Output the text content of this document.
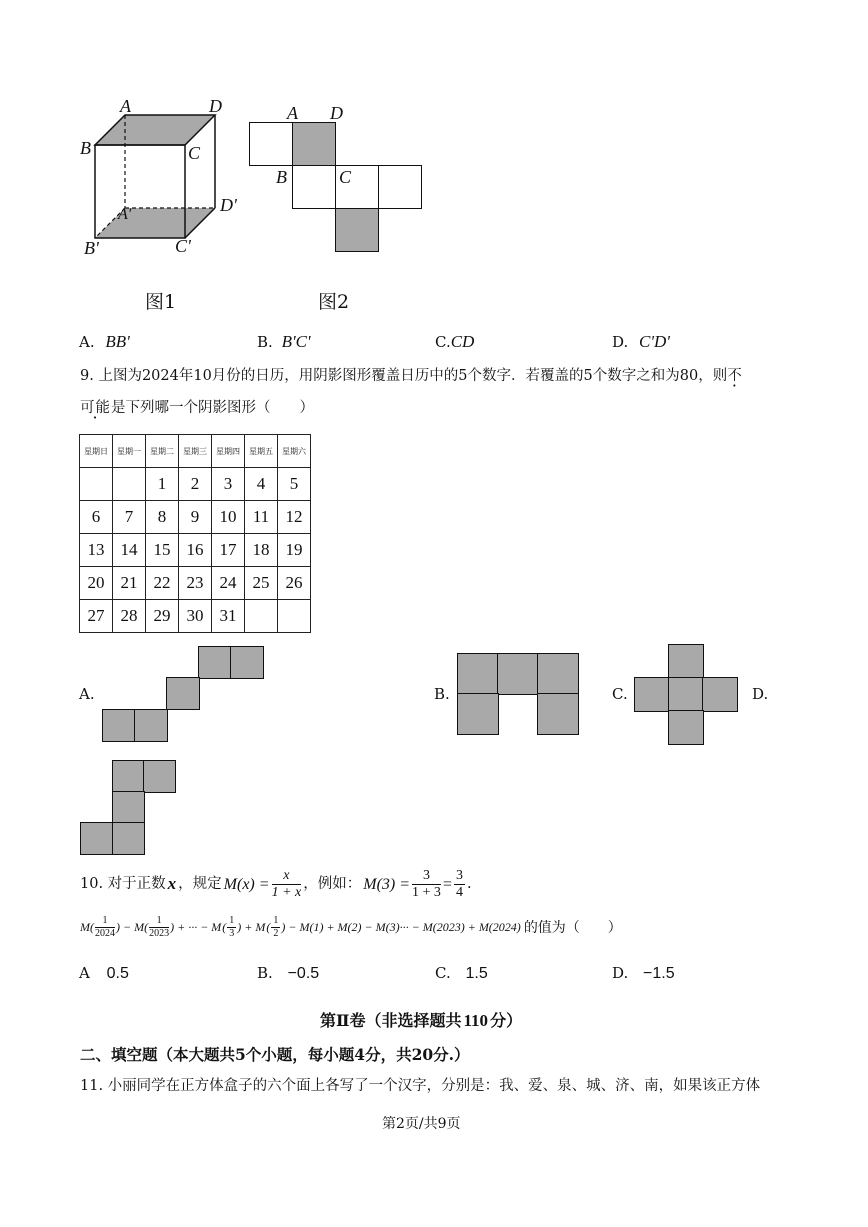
A	D
B	C
A'	D'
B'	C'
A D
B	C
图1	图2
A. BB'	B. B'C'	C.CD	D. C'D'
9. 上图为2024年10月份的日历，用阴影图形覆盖日历中的5个数字．若覆盖的5个数字之和为80，则不
可能是下列哪一个阴影图形（　　）
星期日	星期一	星期二	星期三	星期四	星期五	星期六
		1	2	3	4	5
6	7	8	9	10	11	12
13	14	15	16	17	18	19
20	21	22	23	24	25	26
27	28	29	30	31		
A.	B.	C.	D.
10. 对于正数 x ，规定 $M(x) = \frac{x}{1 + x}$ ，例如： $M(3) = \frac{3}{1 + 3} = \frac{3}{4}$ .
$M( \frac{1}{2024}$ ) − $M( \frac{1}{2023}$ ) + ··· − M ( $\frac{1}{3}$ ) + M ( $\frac{1}{2}$ ) − M(1) + M(2) − M(3)··· − M(2023) + M(2024) 的值为（　　）
A 0.5	B. −0.5	C. 1.5	D. −1.5
第Ⅱ卷（非选择题共 110 分）
二、填空题（本大题共5个小题，每小题4分，共20分.）
11. 小丽同学在正方体盒子的六个面上各写了一个汉字，分别是：我、爱、泉、城、济、南，如果该正方体
第2页/共9页
